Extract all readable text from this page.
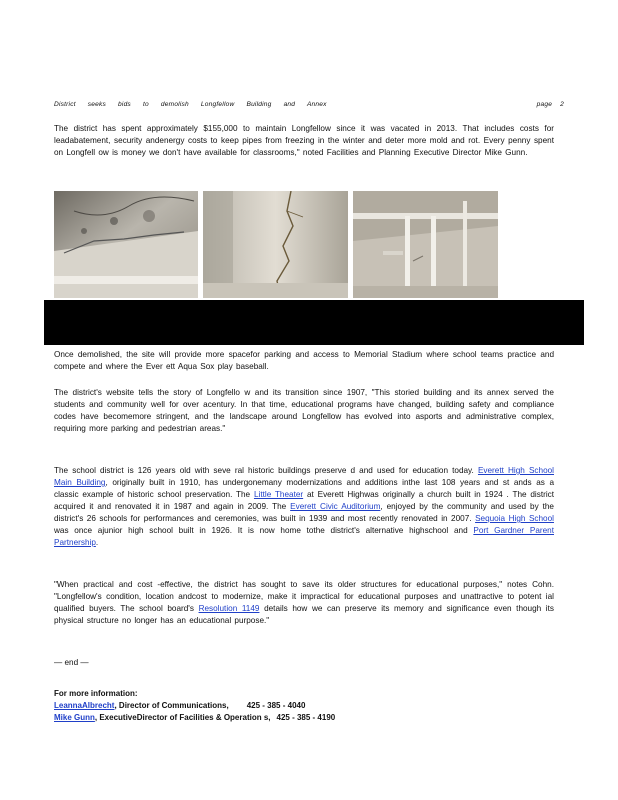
District seeks bids to demolish Longfellow Building and Annex	page 2

The district has spent approximately $155,000 to maintain Longfellow since it was vacated in 2013. That includes costs for leadabatement, security andenergy costs to keep pipes from freezing in the winter and deter more mold and rot. Every penny spent on Longfell ow is money we don't have available for classrooms," noted Facilities and Planning Executive Director Mike Gunn.

Once demolished, the site will provide more spacefor parking and access to Memorial Stadium where school teams practice and compete and where the Ever ett Aqua Sox play baseball.

The district's website tells the story of Longfello w and its transition since 1907, "This storied building and its annex served the students and community well for over acentury. In that time, educational programs have changed, building safety and compliance codes have becomemore stringent, and the landscape around Longfellow has evolved into asports and administrative complex, requiring more parking and pedestrian areas."

The school district is 126 years old with seve ral historic buildings preserve d and used for education today. Everett High School Main Building, originally built in 1910, has undergonemany modernizations and additions inthe last 108 years and st ands as a classic example of historic school preservation. The Little Theater at Everett Highwas originally a church built in 1924 . The district acquired it and renovated it in 1987 and again in 2009. The Everett Civic Auditorium, enjoyed by the community and used by the district's 26 schools for performances and ceremonies, was built in 1939 and most recently renovated in 2007. Sequoia High School was once ajunior high school built in 1926. It is now home tothe district's alternative highschool and Port Gardner Parent Partnership.

"When practical and cost -effective, the district has sought to save its older structures for educational purposes," notes Cohn. "Longfellow's condition, location andcost to modernize, make it impractical for educational purposes and unattractive to potent ial qualified buyers. The school board's Resolution 1149 details how we can preserve its memory and significance even though its physical structure no longer has an educational purpose."

— end —
For more information:
LeannaAlbrecht, Director of Communications, 425 - 385 - 4040
Mike Gunn, ExecutiveDirector of Facilities & Operation s, 425 - 385 - 4190
